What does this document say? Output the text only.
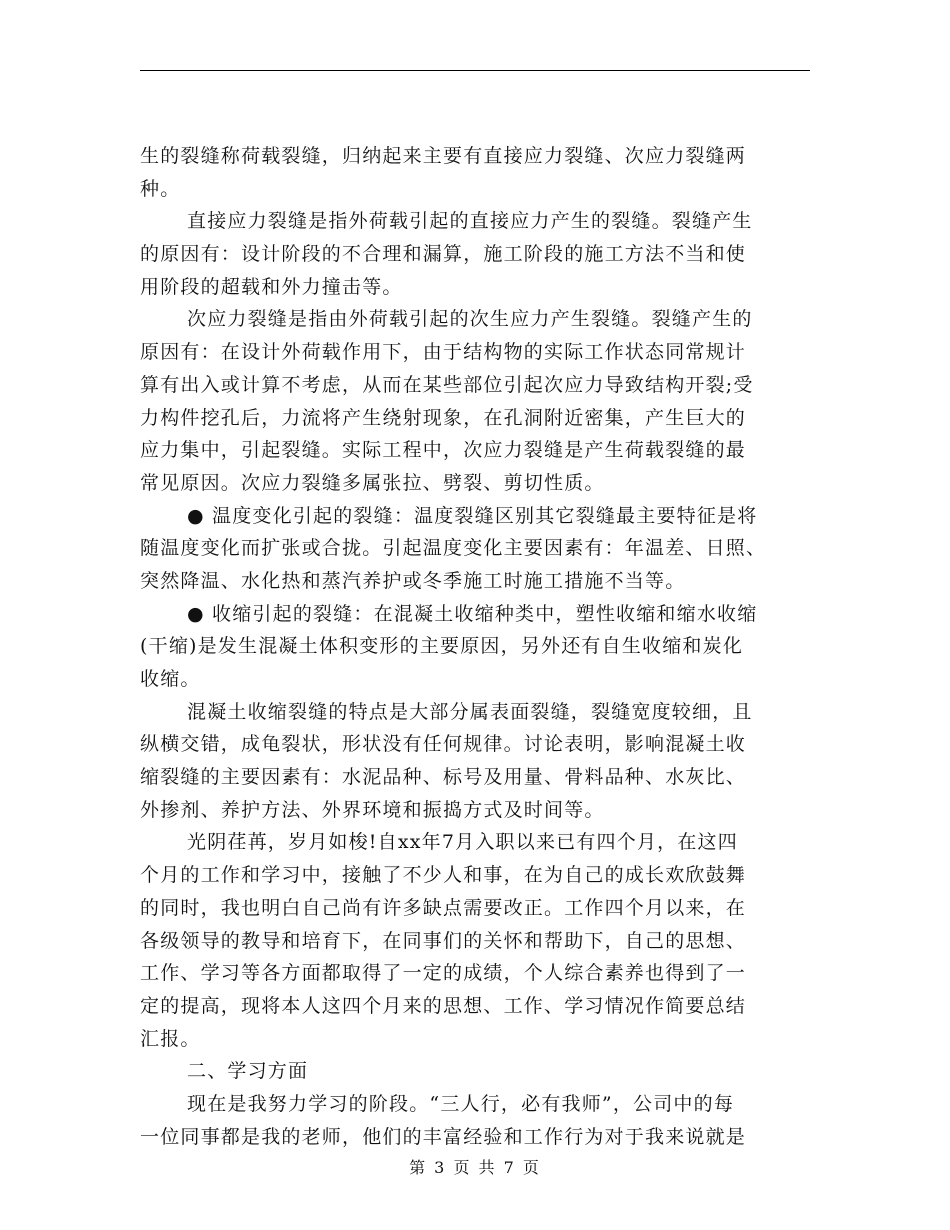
生的裂缝称荷载裂缝，归纳起来主要有直接应力裂缝、次应力裂缝两
种。
直接应力裂缝是指外荷载引起的直接应力产生的裂缝。裂缝产生
的原因有：设计阶段的不合理和漏算，施工阶段的施工方法不当和使
用阶段的超载和外力撞击等。
次应力裂缝是指由外荷载引起的次生应力产生裂缝。裂缝产生的
原因有：在设计外荷载作用下，由于结构物的实际工作状态同常规计
算有出入或计算不考虑，从而在某些部位引起次应力导致结构开裂;受
力构件挖孔后，力流将产生绕射现象，在孔洞附近密集，产生巨大的
应力集中，引起裂缝。实际工程中，次应力裂缝是产生荷载裂缝的最
常见原因。次应力裂缝多属张拉、劈裂、剪切性质。
● 温度变化引起的裂缝：温度裂缝区别其它裂缝最主要特征是将
随温度变化而扩张或合拢。引起温度变化主要因素有：年温差、日照、
突然降温、水化热和蒸汽养护或冬季施工时施工措施不当等。
● 收缩引起的裂缝：在混凝土收缩种类中，塑性收缩和缩水收缩
(干缩)是发生混凝土体积变形的主要原因，另外还有自生收缩和炭化
收缩。
混凝土收缩裂缝的特点是大部分属表面裂缝，裂缝宽度较细，且
纵横交错，成龟裂状，形状没有任何规律。讨论表明，影响混凝土收
缩裂缝的主要因素有：水泥品种、标号及用量、骨料品种、水灰比、
外掺剂、养护方法、外界环境和振捣方式及时间等。
光阴荏苒，岁月如梭!自xx年7月入职以来已有四个月，在这四
个月的工作和学习中，接触了不少人和事，在为自己的成长欢欣鼓舞
的同时，我也明白自己尚有许多缺点需要改正。工作四个月以来，在
各级领导的教导和培育下，在同事们的关怀和帮助下，自己的思想、
工作、学习等各方面都取得了一定的成绩，个人综合素养也得到了一
定的提高，现将本人这四个月来的思想、工作、学习情况作简要总结
汇报。
二、学习方面
现在是我努力学习的阶段。“三人行，必有我师”，公司中的每
一位同事都是我的老师，他们的丰富经验和工作行为对于我来说就是
第 3 页 共 7 页
